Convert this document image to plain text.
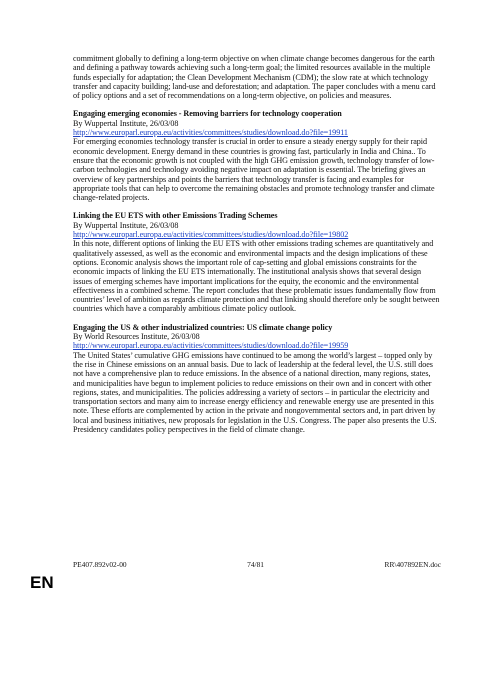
commitment globally to defining a long-term objective on when climate change becomes dangerous for the earth and defining a pathway towards achieving such a long-term goal; the limited resources available in the multiple funds especially for adaptation; the Clean Development Mechanism (CDM); the slow rate at which technology transfer and capacity building; land-use and deforestation; and adaptation. The paper concludes with a menu card of policy options and a set of recommendations on a long-term objective, on policies and measures.

Engaging emerging economies - Removing barriers for technology cooperation

By Wuppertal Institute, 26/03/08

http://www.europarl.europa.eu/activities/committees/studies/download.do?file=19911

For emerging economies technology transfer is crucial in order to ensure a steady energy supply for their rapid economic development. Energy demand in these countries is growing fast, particularly in India and China.. To ensure that the economic growth is not coupled with the high GHG emission growth, technology transfer of low-carbon technologies and technology avoiding negative impact on adaptation is essential. The briefing gives an overview of key partnerships and points the barriers that technology transfer is facing and examples for appropriate tools that can help to overcome the remaining obstacles and promote technology transfer and climate change-related projects.

Linking the EU ETS with other Emissions Trading Schemes

By Wuppertal Institute, 26/03/08

http://www.europarl.europa.eu/activities/committees/studies/download.do?file=19802

In this note, different options of linking the EU ETS with other emissions trading schemes are quantitatively and qualitatively assessed, as well as the economic and environmental impacts and the design implications of these options. Economic analysis shows the important role of cap-setting and global emissions constraints for the economic impacts of linking the EU ETS internationally. The institutional analysis shows that several design issues of emerging schemes have important implications for the equity, the economic and the environmental effectiveness in a combined scheme. The report concludes that these problematic issues fundamentally flow from countries’ level of ambition as regards climate protection and that linking should therefore only be sought between countries which have a comparably ambitious climate policy outlook.

Engaging the US & other industrialized countries: US climate change policy

By World Resources Institute, 26/03/08

http://www.europarl.europa.eu/activities/committees/studies/download.do?file=19959

The United States’ cumulative GHG emissions have continued to be among the world’s largest – topped only by the rise in Chinese emissions on an annual basis. Due to lack of leadership at the federal level, the U.S. still does not have a comprehensive plan to reduce emissions. In the absence of a national direction, many regions, states, and municipalities have begun to implement policies to reduce emissions on their own and in concert with other regions, states, and municipalities. The policies addressing a variety of sectors – in particular the electricity and transportation sectors and many aim to increase energy efficiency and renewable energy use are presented in this note. These efforts are complemented by action in the private and nongovernmental sectors and, in part driven by local and business initiatives, new proposals for legislation in the U.S. Congress. The paper also presents the U.S. Presidency candidates policy perspectives in the field of climate change.

PE407.892v02-00	74/81	RR\407892EN.doc
EN
